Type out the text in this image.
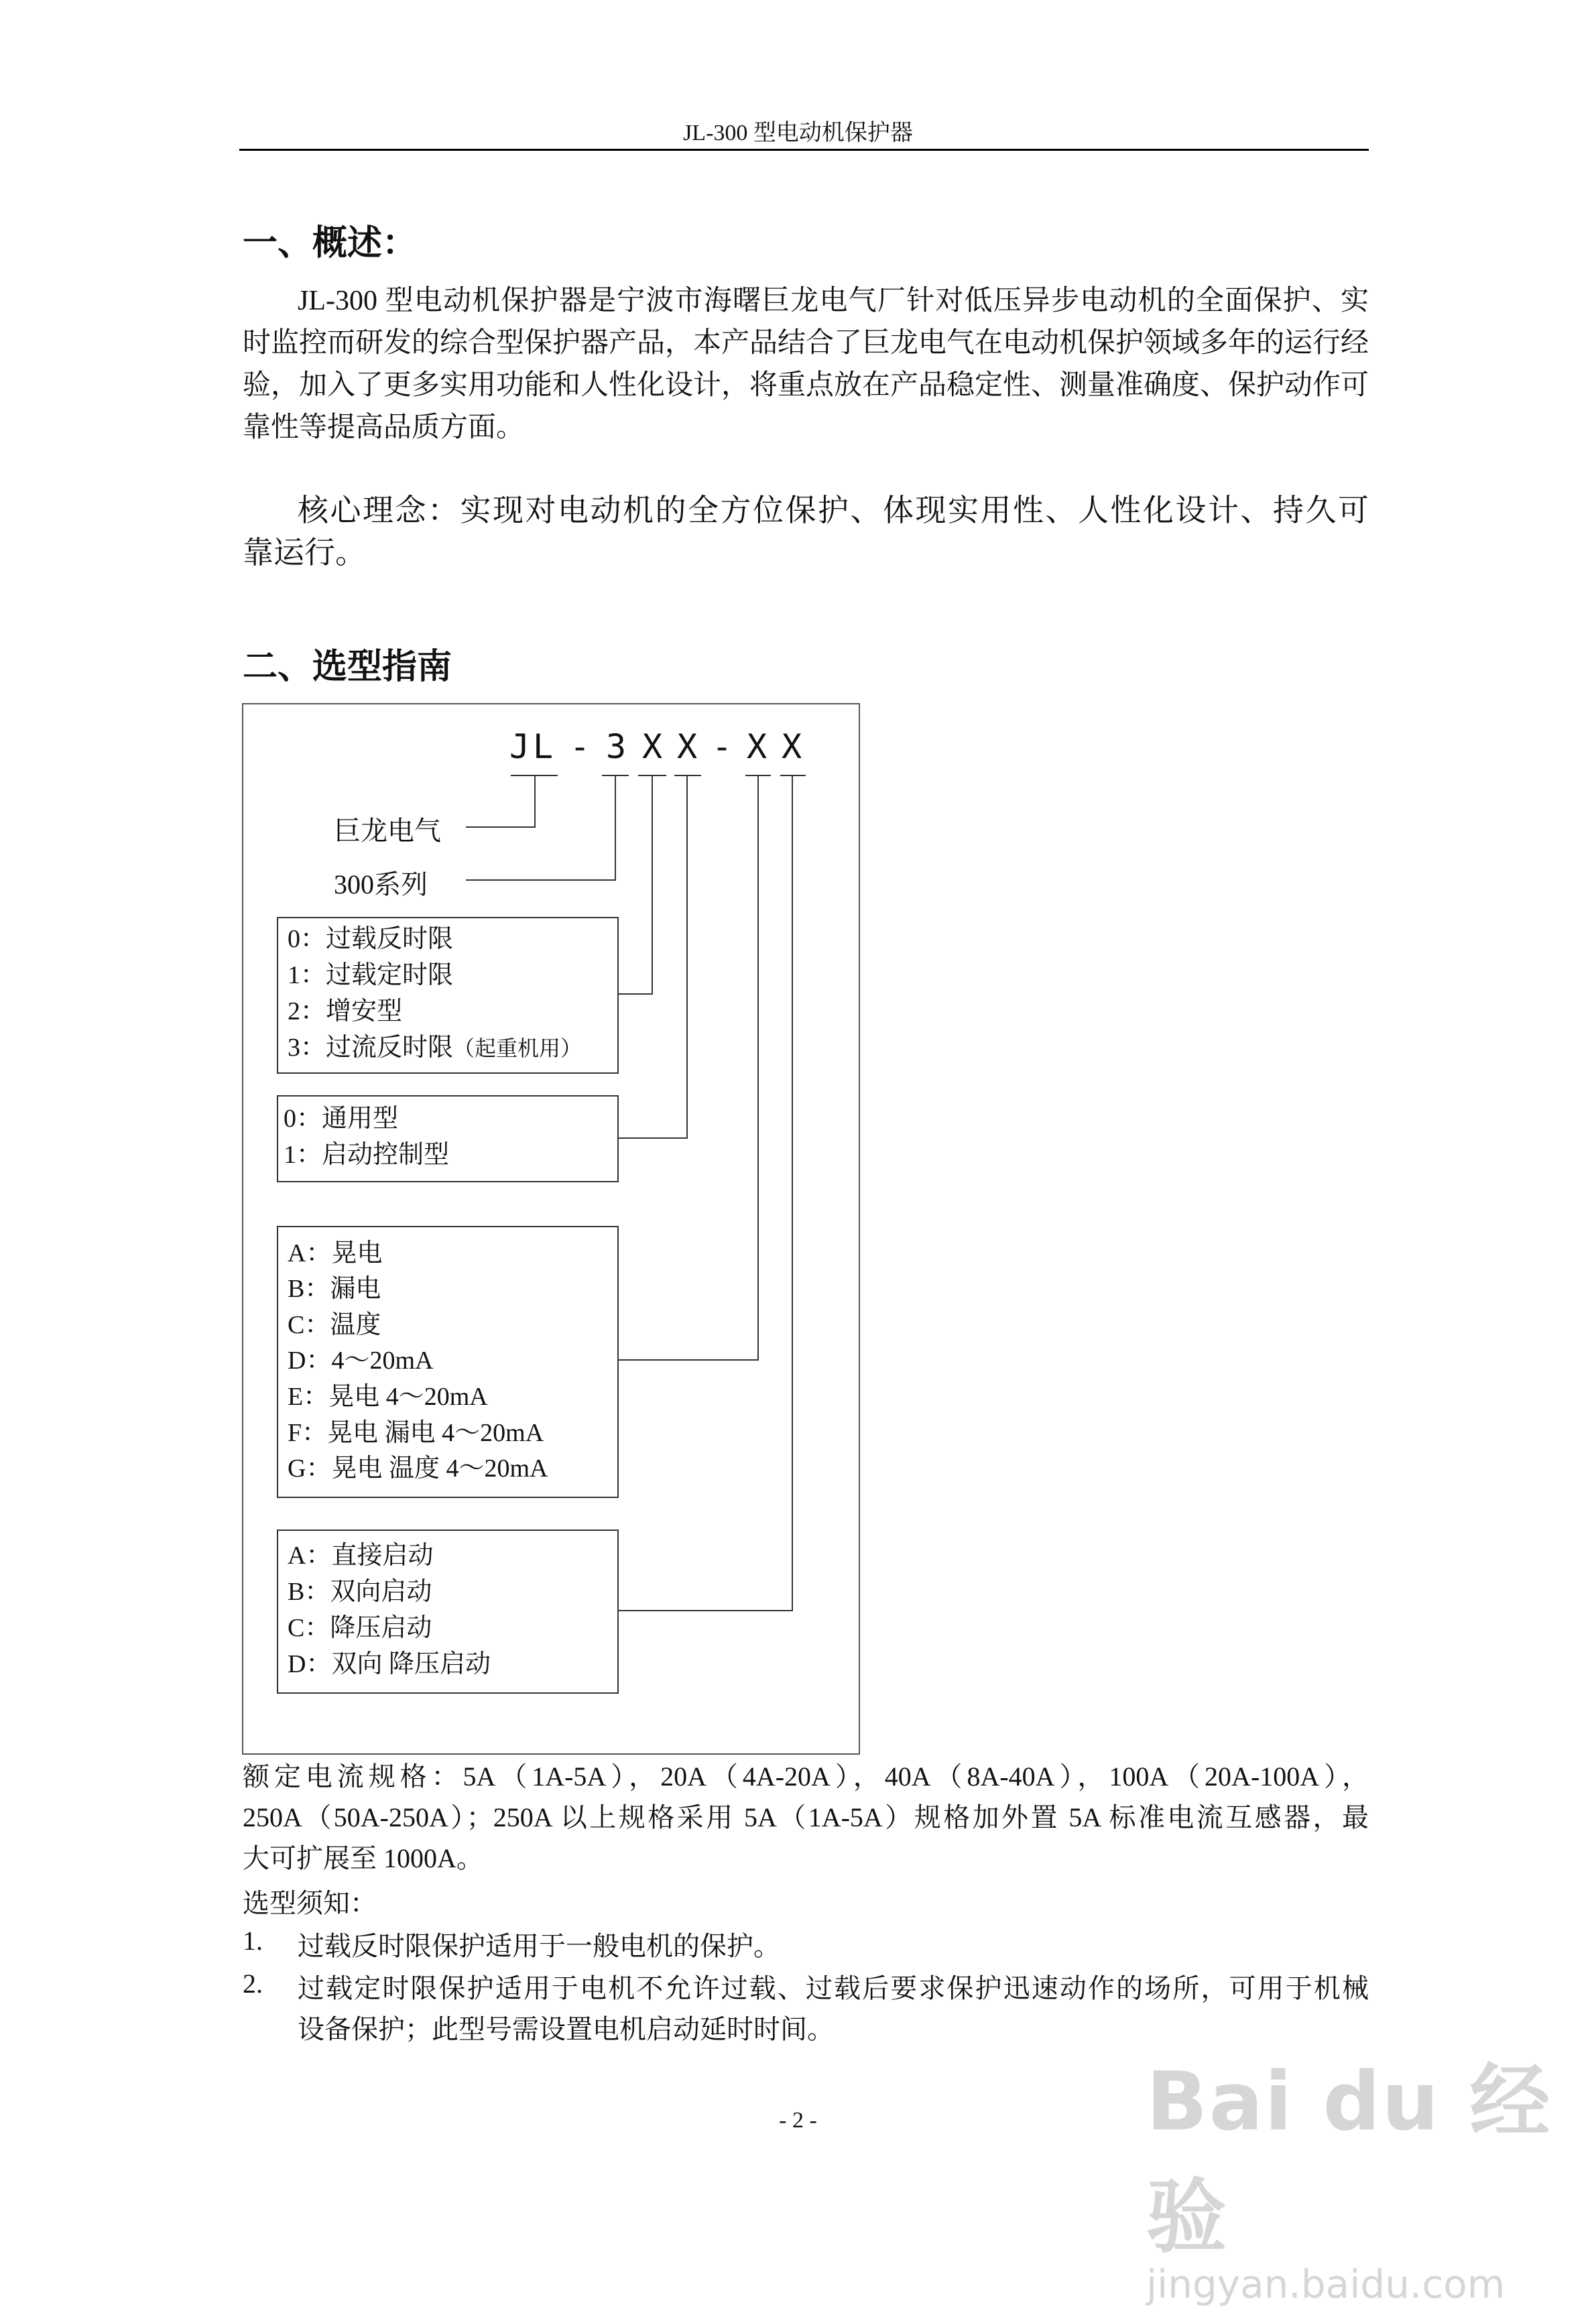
JL-300 型电动机保护器
一、概述：
JL-300 型电动机保护器是宁波市海曙巨龙电气厂针对低压异步电动机的全面保护、实
时监控而研发的综合型保护器产品，本产品结合了巨龙电气在电动机保护领域多年的运行经
验，加入了更多实用功能和人性化设计，将重点放在产品稳定性、测量准确度、保护动作可
靠性等提高品质方面。
核心理念：实现对电动机的全方位保护、体现实用性、人性化设计、持久可
靠运行。
二、选型指南
J L - 3 X X - X X
巨龙电气
300系列
0：过载反时限
1：过载定时限
2：增安型
3：过流反时限（起重机用）
0：通用型
1：启动控制型
A：晃电
B：漏电
C：温度
D：4～20mA
E：晃电 4～20mA
F：晃电 漏电 4～20mA
G：晃电 温度 4～20mA
A：直接启动
B：双向启动
C：降压启动
D：双向 降压启动
额定电流规格：5A（1A-5A），20A（4A-20A），40A（8A-40A），100A（20A-100A），
250A（50A-250A）；250A 以上规格采用 5A（1A-5A）规格加外置 5A 标准电流互感器，最
大可扩展至 1000A。
选型须知：
1. 过载反时限保护适用于一般电机的保护。
2. 过载定时限保护适用于电机不允许过载、过载后要求保护迅速动作的场所，可用于机械
设备保护；此型号需设置电机启动延时时间。
- 2 -	Bai du 经验
jingyan.baidu.com
